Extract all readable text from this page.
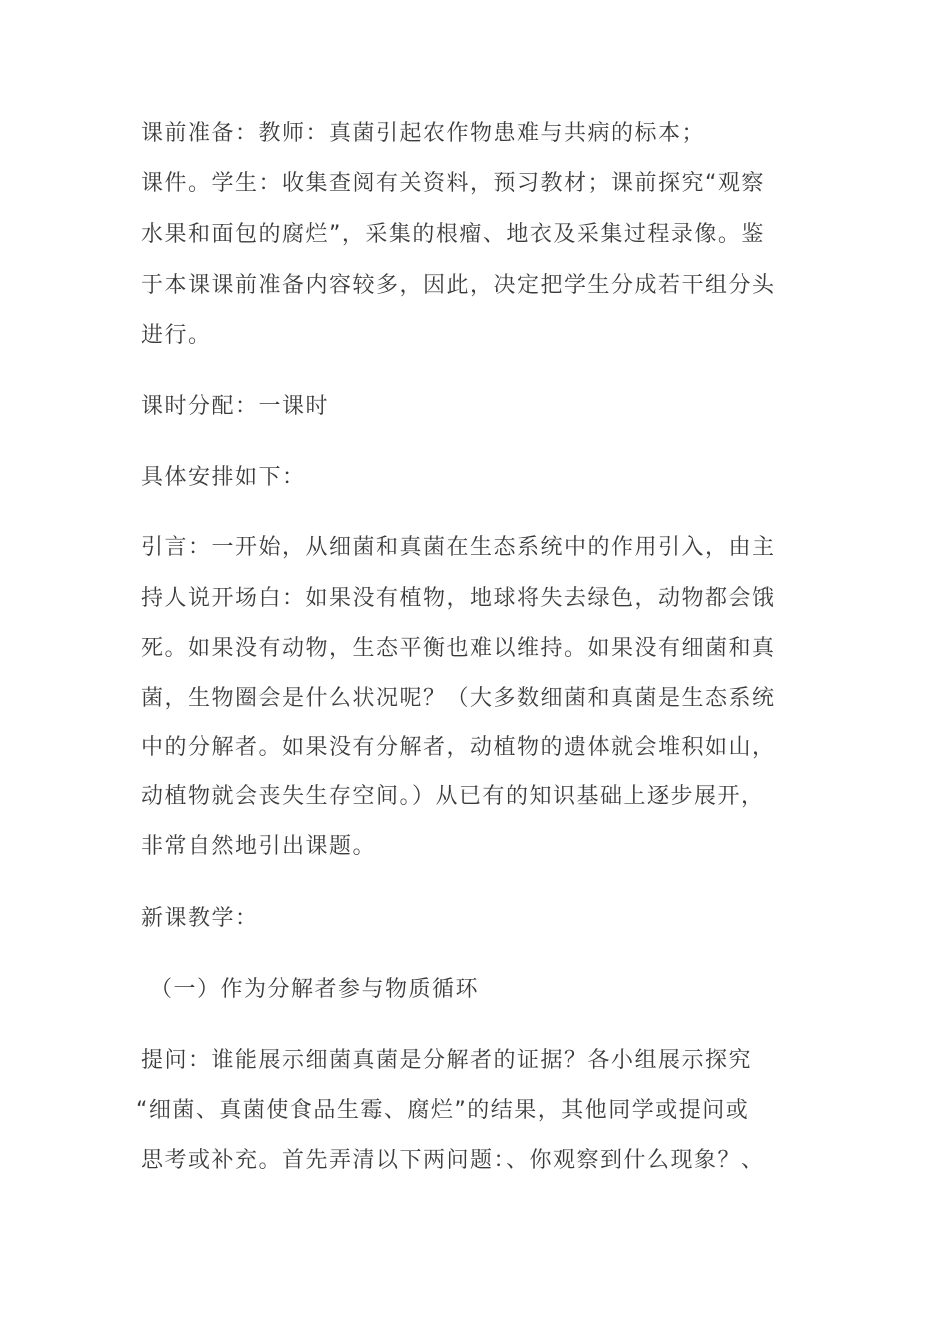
课前准备：教师：真菌引起农作物患难与共病的标本；

课件。学生：收集查阅有关资料，预习教材；课前探究“观察

水果和面包的腐烂”，采集的根瘤、地衣及采集过程录像。鉴

于本课课前准备内容较多，因此，决定把学生分成若干组分头

进行。

课时分配：一课时

具体安排如下：

引言：一开始，从细菌和真菌在生态系统中的作用引入，由主

持人说开场白：如果没有植物，地球将失去绿色，动物都会饿

死。如果没有动物，生态平衡也难以维持。如果没有细菌和真

菌，生物圈会是什么状况呢？（大多数细菌和真菌是生态系统

中的分解者。如果没有分解者，动植物的遗体就会堆积如山，

动植物就会丧失生存空间。）从已有的知识基础上逐步展开，

非常自然地引出课题。

新课教学：

（一）作为分解者参与物质循环

提问：谁能展示细菌真菌是分解者的证据？各小组展示探究

“细菌、真菌使食品生霉、腐烂”的结果，其他同学或提问或

思考或补充。首先弄清以下两问题：、你观察到什么现象？、
